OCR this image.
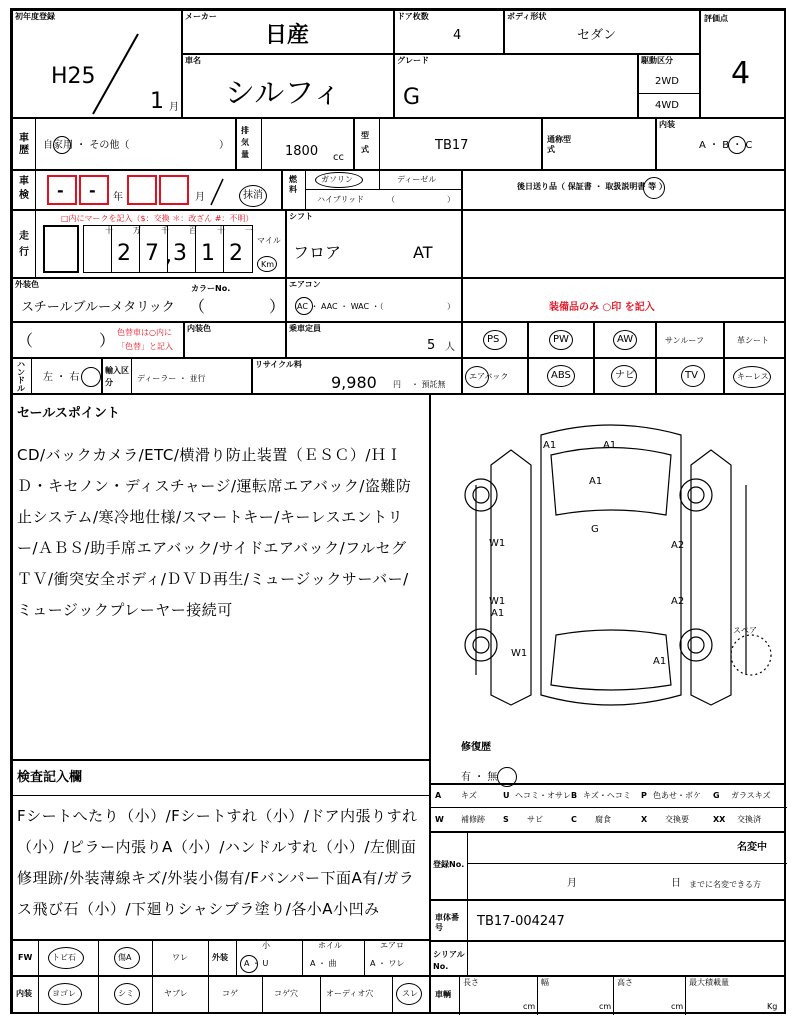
初年度登録
H25
1 月
メーカー
日産
ドア枚数
4
ボディ形状
セダン
評価点
4
車名
シルフィ
グレード
G
駆動区分
2WD
4WD
車歴 自家用 ・ その他（	）
排気量	1800 cc
型式	TB17	通称型式
内装
A ・ B ・ C
車検 - - 年	月	抹消
燃料
ガソリン	ディーゼル
ハイブリッド	（	）
後日送り品（ 保証書 ・ 取扱説明書 等 ）
走行
□内にマークを記入（$：交換 ＊：改ざん #：不明）
十	万	千	百	十	一
2 7 , 3 1 2
マイル
Km
シフト
フロア	AT
外装色	カラーNo.
スチールブルーメタリック （	）
エアコン
AC ・ AAC ・ WAC ・（	）	装備品のみ ○印 を記入
（	） 色替車は○内に
「色替」と記入
内装色	乗車定員
5 人
PS	PW	AW	サンルーフ	革シート
ハンドル
左 ・ 右
輸入区分	ディーラー ・ 並行
リサイクル料
9,980 円 ・ 預託無
エアバック	ABS	ナビ	TV	キーレス
セールスポイント
CD/バックカメラ/ETC/横滑り防止装置（ＥＳＣ）/ＨＩＤ・キセノン・ディスチャージ/運転席エアバック/盗難防止システム/寒冷地仕様/スマートキー/キーレスエントリー/ＡＢＳ/助手席エアバック/サイドエアバック/フルセグＴＶ/衝突安全ボディ/ＤＶＤ再生/ミュージックサーバー/ミュージックプレーヤー接続可
A1	A1
A1
G
W1	A2
W1
A1
A2
W1
A1
スペア
修復歴
有 ・ 無
検査記入欄
Fシートへたり（小）/Fシートすれ（小）/ドア内張りすれ（小）/ピラー内張りA（小）/ハンドルすれ（小）/左側面修理跡/外装薄線キズ/外装小傷有/Fバンパー下面A有/ガラス飛び石（小）/下廻りシャシブラ塗り/各小A小凹み
A キズ	U ヘコミ・オサレ B キズ・ヘコミ P 色あせ・ボケ G ガラスキズ
W 補修跡 S サビ	C 腐食	X 交換要	XX 交換済
登録No.
名変中
月	日 までに名変できる方
車体番号	TB17-004247
FW トビ石	傷A	ワレ	外装
小
A ・ U
ホイル
A ・ 曲
エアロ
A ・ ワレ
シリアルNo.
内装	ヨゴレ	シミ	ヤブレ	コゲ	コゲ穴	オーディオ穴	スレ 車輌
長さ
cm
幅
cm
高さ
cm
最大積載量
Kg
